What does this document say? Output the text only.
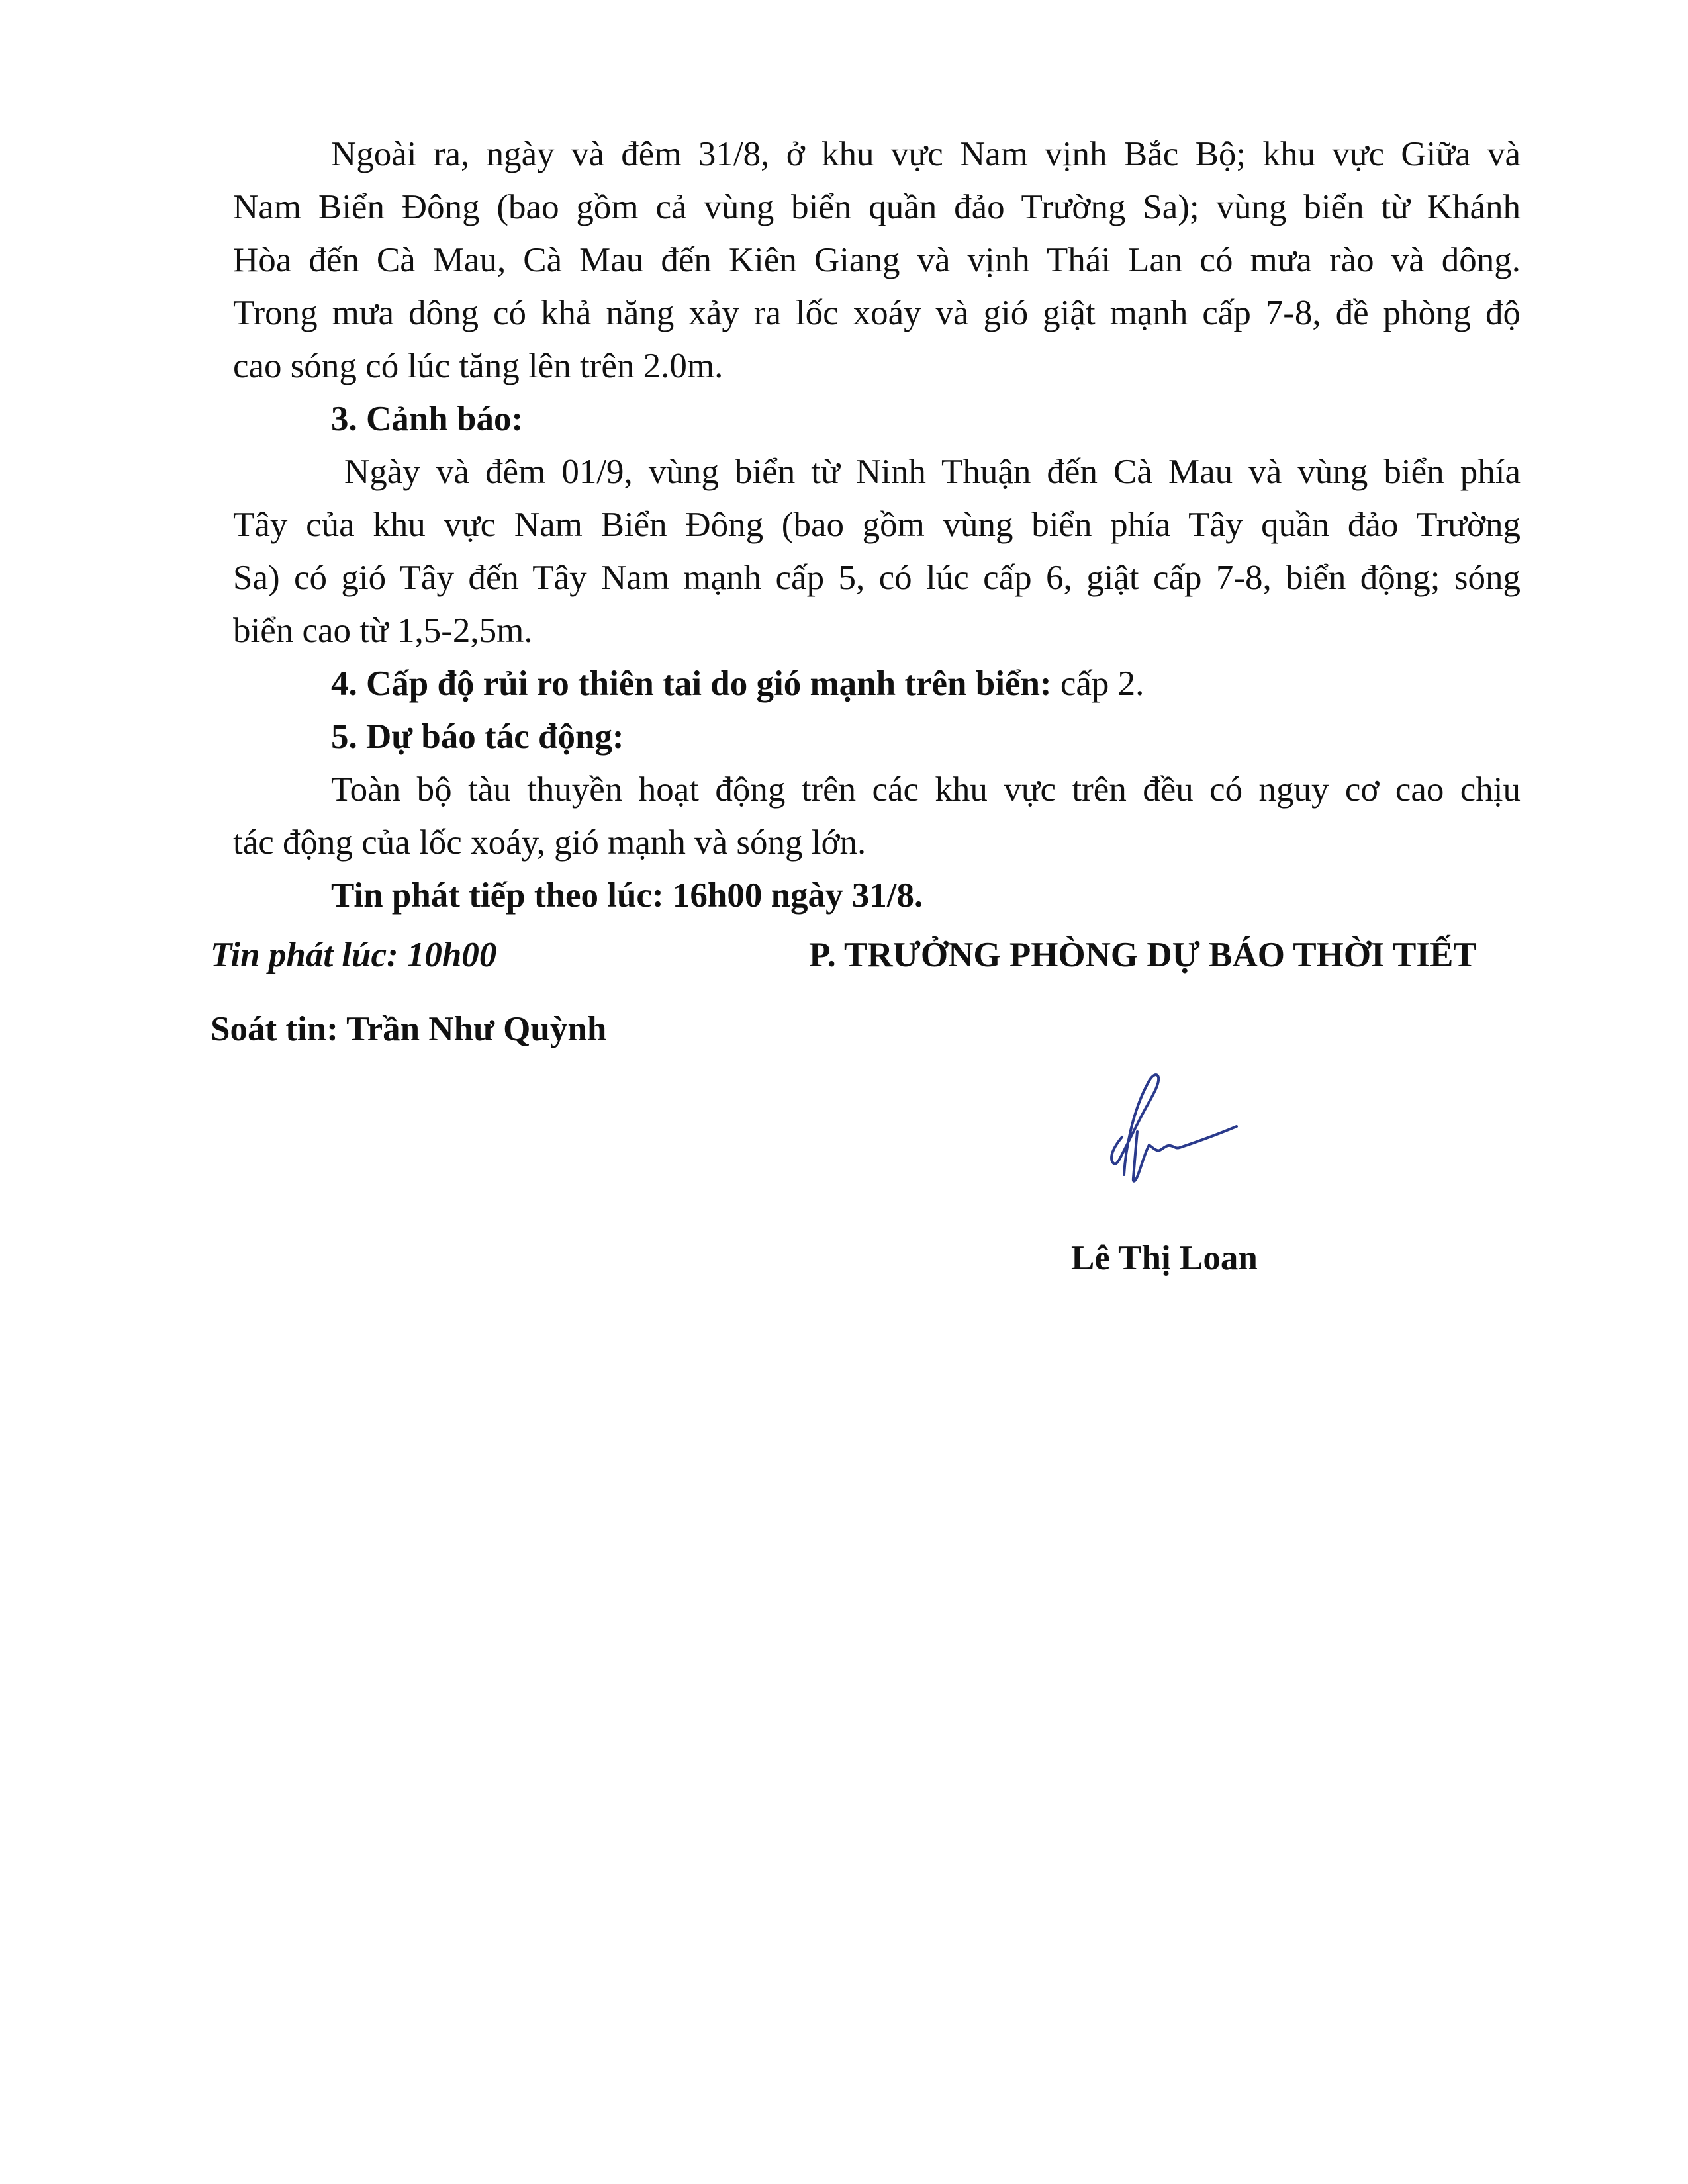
Ngoài ra, ngày và đêm 31/8, ở khu vực Nam vịnh Bắc Bộ; khu vực Giữa và
Nam Biển Đông (bao gồm cả vùng biển quần đảo Trường Sa); vùng biển từ Khánh
Hòa đến Cà Mau, Cà Mau đến Kiên Giang và vịnh Thái Lan có mưa rào và dông.
Trong mưa dông có khả năng xảy ra lốc xoáy và gió giật mạnh cấp 7-8, đề phòng độ
cao sóng có lúc tăng lên trên 2.0m.
3. Cảnh báo:
Ngày và đêm 01/9, vùng biển từ Ninh Thuận đến Cà Mau và vùng biển phía
Tây của khu vực Nam Biển Đông (bao gồm vùng biển phía Tây quần đảo Trường
Sa) có gió Tây đến Tây Nam mạnh cấp 5, có lúc cấp 6, giật cấp 7-8, biển động; sóng
biển cao từ 1,5-2,5m.
4. Cấp độ rủi ro thiên tai do gió mạnh trên biển: cấp 2.
5. Dự báo tác động:
Toàn bộ tàu thuyền hoạt động trên các khu vực trên đều có nguy cơ cao chịu
tác động của lốc xoáy, gió mạnh và sóng lớn.
Tin phát tiếp theo lúc: 16h00 ngày 31/8.
Tin phát lúc: 10h00	P. TRƯỞNG PHÒNG DỰ BÁO THỜI TIẾT
Soát tin: Trần Như Quỳnh
Lê Thị Loan
